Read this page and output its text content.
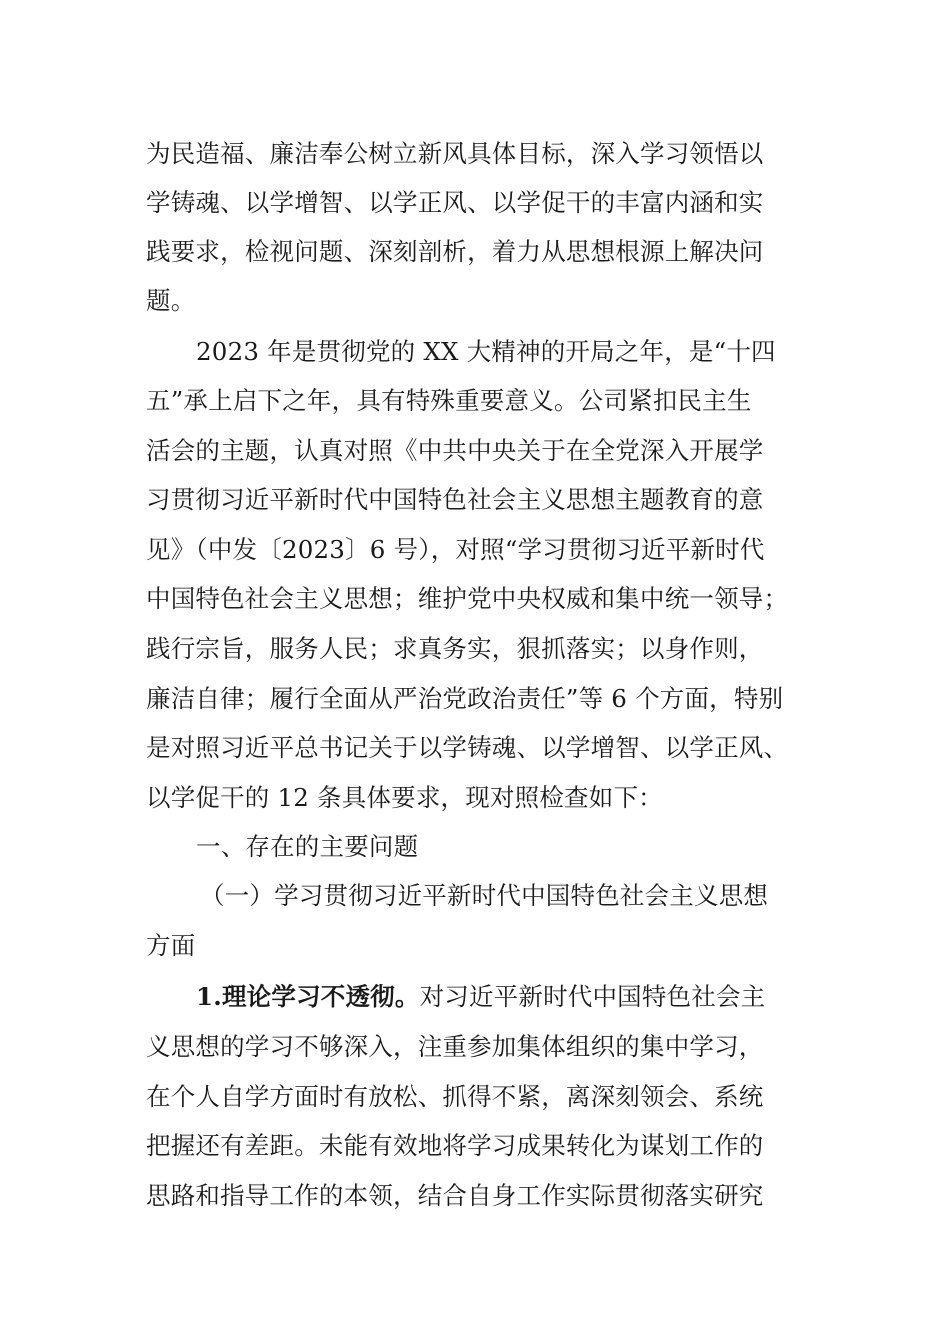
为民造福、廉洁奉公树立新风具体目标，深入学习领悟以
学铸魂、以学增智、以学正风、以学促干的丰富内涵和实
践要求，检视问题、深刻剖析，着力从思想根源上解决问
题。
2023 年是贯彻党的 XX 大精神的开局之年，是“十四
五”承上启下之年，具有特殊重要意义。公司紧扣民主生
活会的主题，认真对照《中共中央关于在全党深入开展学
习贯彻习近平新时代中国特色社会主义思想主题教育的意
见》（中发〔2023〕6 号），对照“学习贯彻习近平新时代
中国特色社会主义思想；维护党中央权威和集中统一领导；
践行宗旨，服务人民；求真务实，狠抓落实；以身作则，
廉洁自律；履行全面从严治党政治责任”等 6 个方面，特别
是对照习近平总书记关于以学铸魂、以学增智、以学正风、
以学促干的 12 条具体要求，现对照检查如下：
一、存在的主要问题
（一）学习贯彻习近平新时代中国特色社会主义思想
方面
1.理论学习不透彻。对习近平新时代中国特色社会主
义思想的学习不够深入，注重参加集体组织的集中学习，
在个人自学方面时有放松、抓得不紧，离深刻领会、系统
把握还有差距。未能有效地将学习成果转化为谋划工作的
思路和指导工作的本领，结合自身工作实际贯彻落实研究
